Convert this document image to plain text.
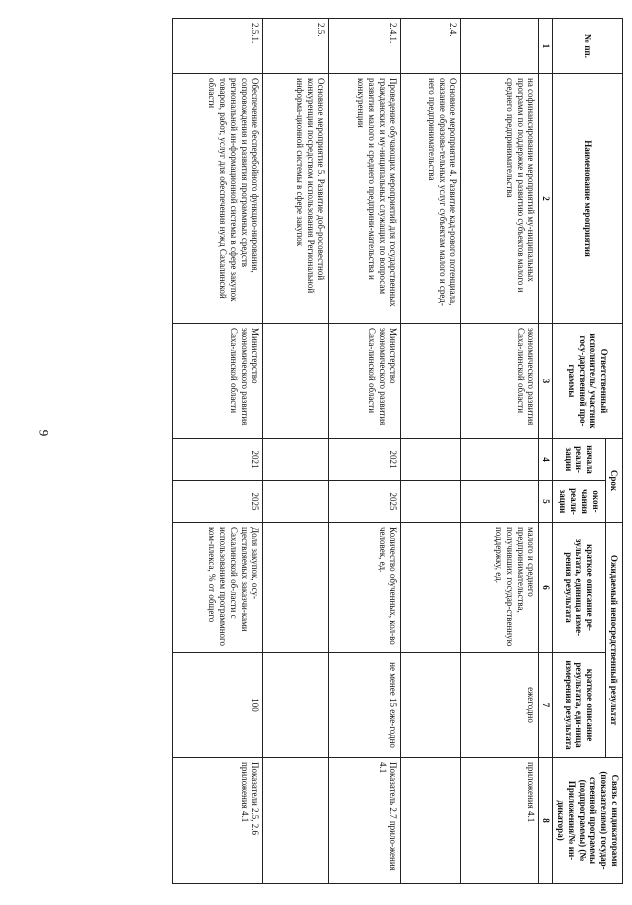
9
№ пп.	Наименование мероприятия	Ответственный исполнитель/ участник госу-дарственной про-граммы	Срок		Ожидаемый непосредственный результат		Связь с индикаторами (показателями) государ-ственной программы (подпрограммы) (№ Приложения/№ ин-дикатора)
			начала реали-зации	окон-чания реали-зации	краткое описание ре-зультата, единица изме-рения результата	краткое описание результата, еди-ница измерения результата	
1	2	3	4	5	6	7	8
	на софинансирование мероприятий му-ниципальных программ по поддержке и развитию субъектов малого и среднего предпринимательства	экономического развития Саха-линской области			малого и среднего предпринимательства, получивших государ-ственную поддержку, ед.	ежегодно	приложения 4.1
2.4.	Основное мероприятие 4. Развитие кад-рового потенциала, оказание образова-тельных услуг субъектам малого и сред-него предпринимательства						
2.4.1.	Проведение обучающих мероприятий для государственных гражданских и му-ниципальных служащих по вопросам развития малого и среднего предприни-мательства и конкуренции	Министерство экономического развития Саха-линской области	2021	2025	Количество обученных, кол-во человек, ед.	не менее 15 еже-годно	Показатель 2.7 прило-жения 4.1
2.5.	Основное мероприятие 5. Развитие доб-росовестной конкуренции посредством использования Региональной информа-ционной системы в сфере закупок						
2.5.1.	Обеспечение бесперебойного функцио-нирования, сопровождения и развития программных средств региональной ин-формационной системы в сфере закупок товаров, работ, услуг для обеспечения нужд Сахалинской области	Министерство экономического развития Саха-линской области	2021	2025	Доля закупок, осу-ществляемых заказчи-ками Сахалинской об-ласти с использованием программного ком-плекса, % от общего	100	Показатели 2.5, 2.6 приложения 4.1
